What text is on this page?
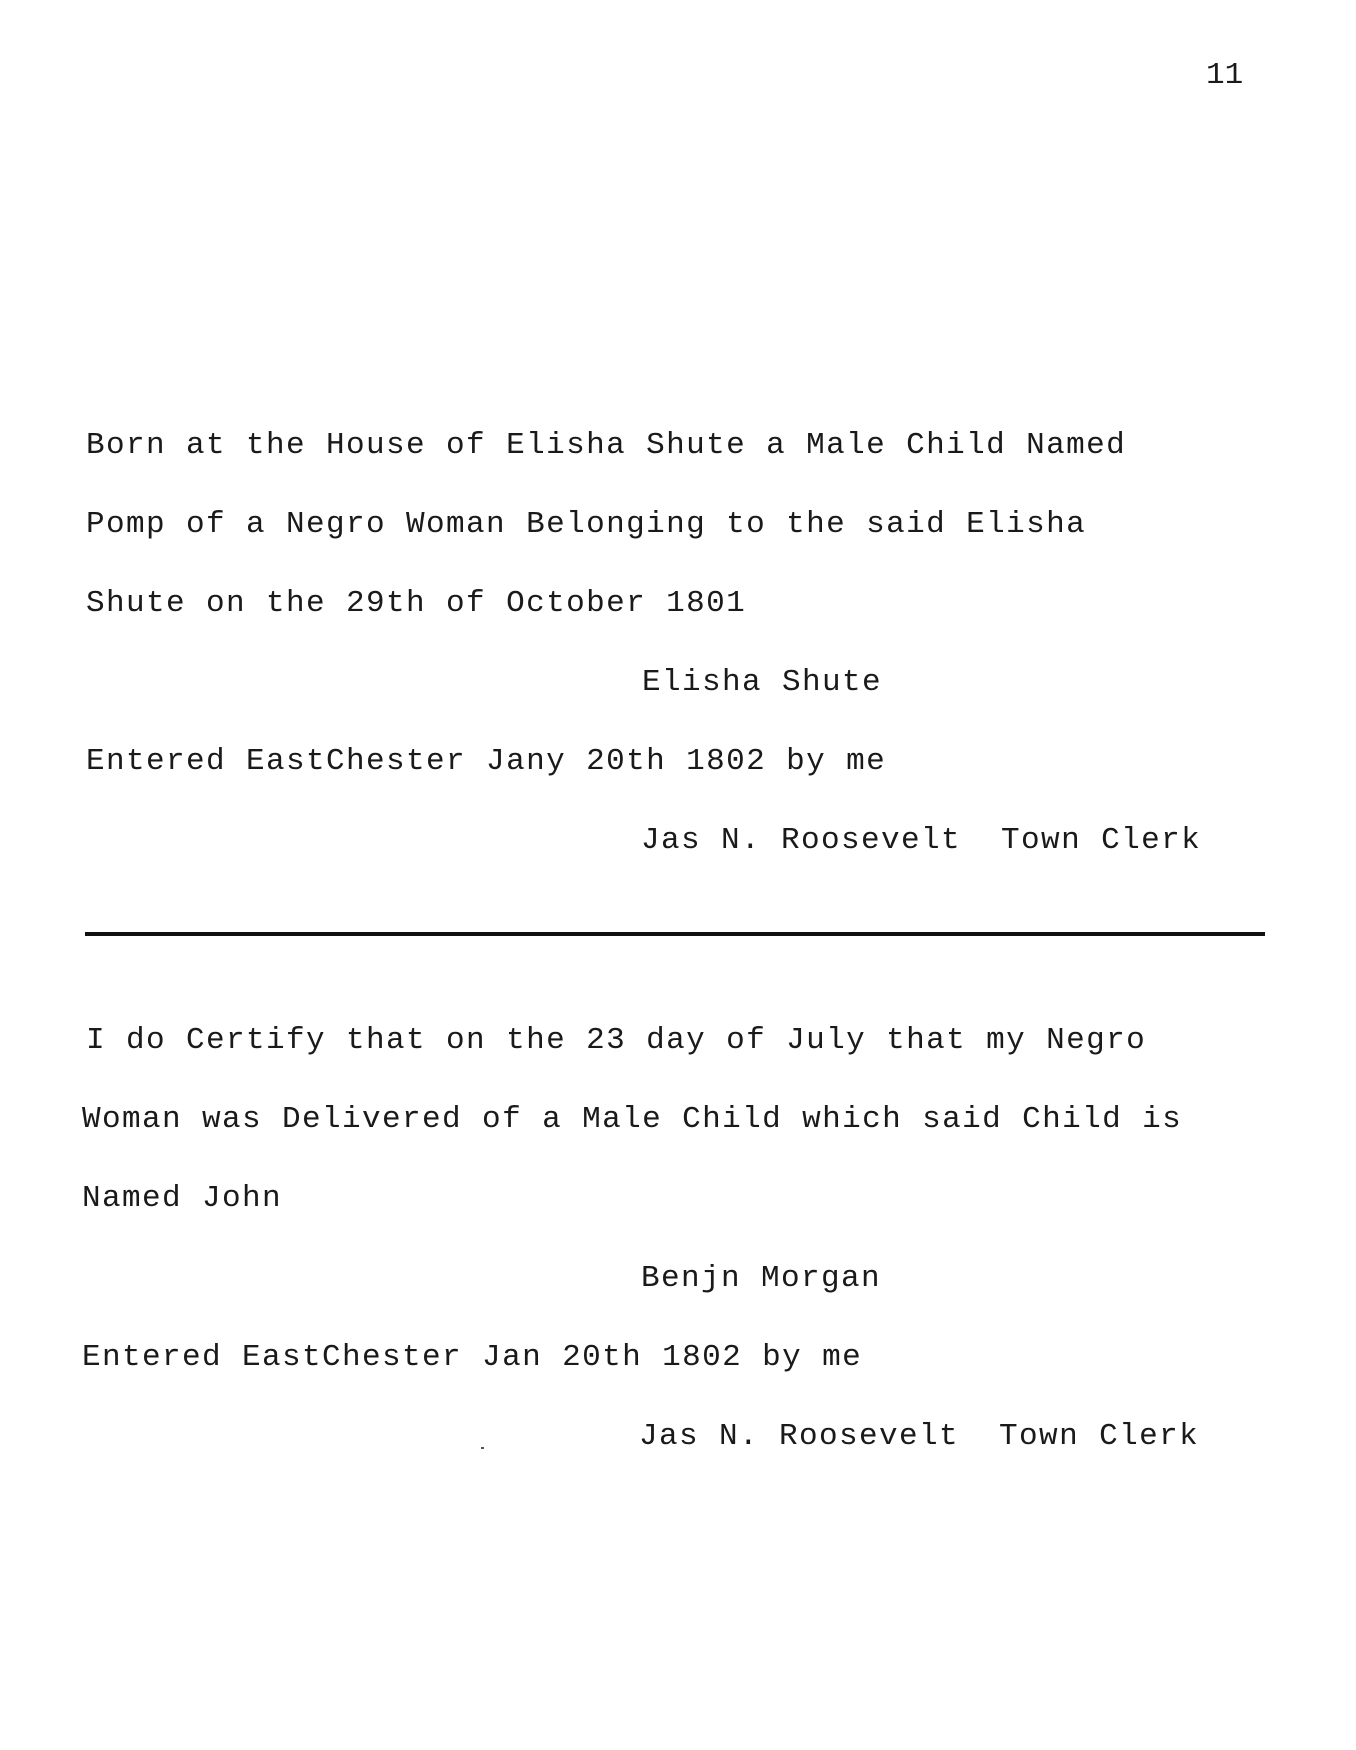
11
Born at the House of Elisha Shute a Male Child Named
Pomp of a Negro Woman Belonging to the said Elisha
Shute on the 29th of October 1801
Elisha Shute
Entered EastChester Jany 20th 1802 by me
Jas N. Roosevelt  Town Clerk
I do Certify that on the 23 day of July that my Negro
Woman was Delivered of a Male Child which said Child is
Named John
Benjn Morgan
Entered EastChester Jan 20th 1802 by me
Jas N. Roosevelt  Town Clerk
